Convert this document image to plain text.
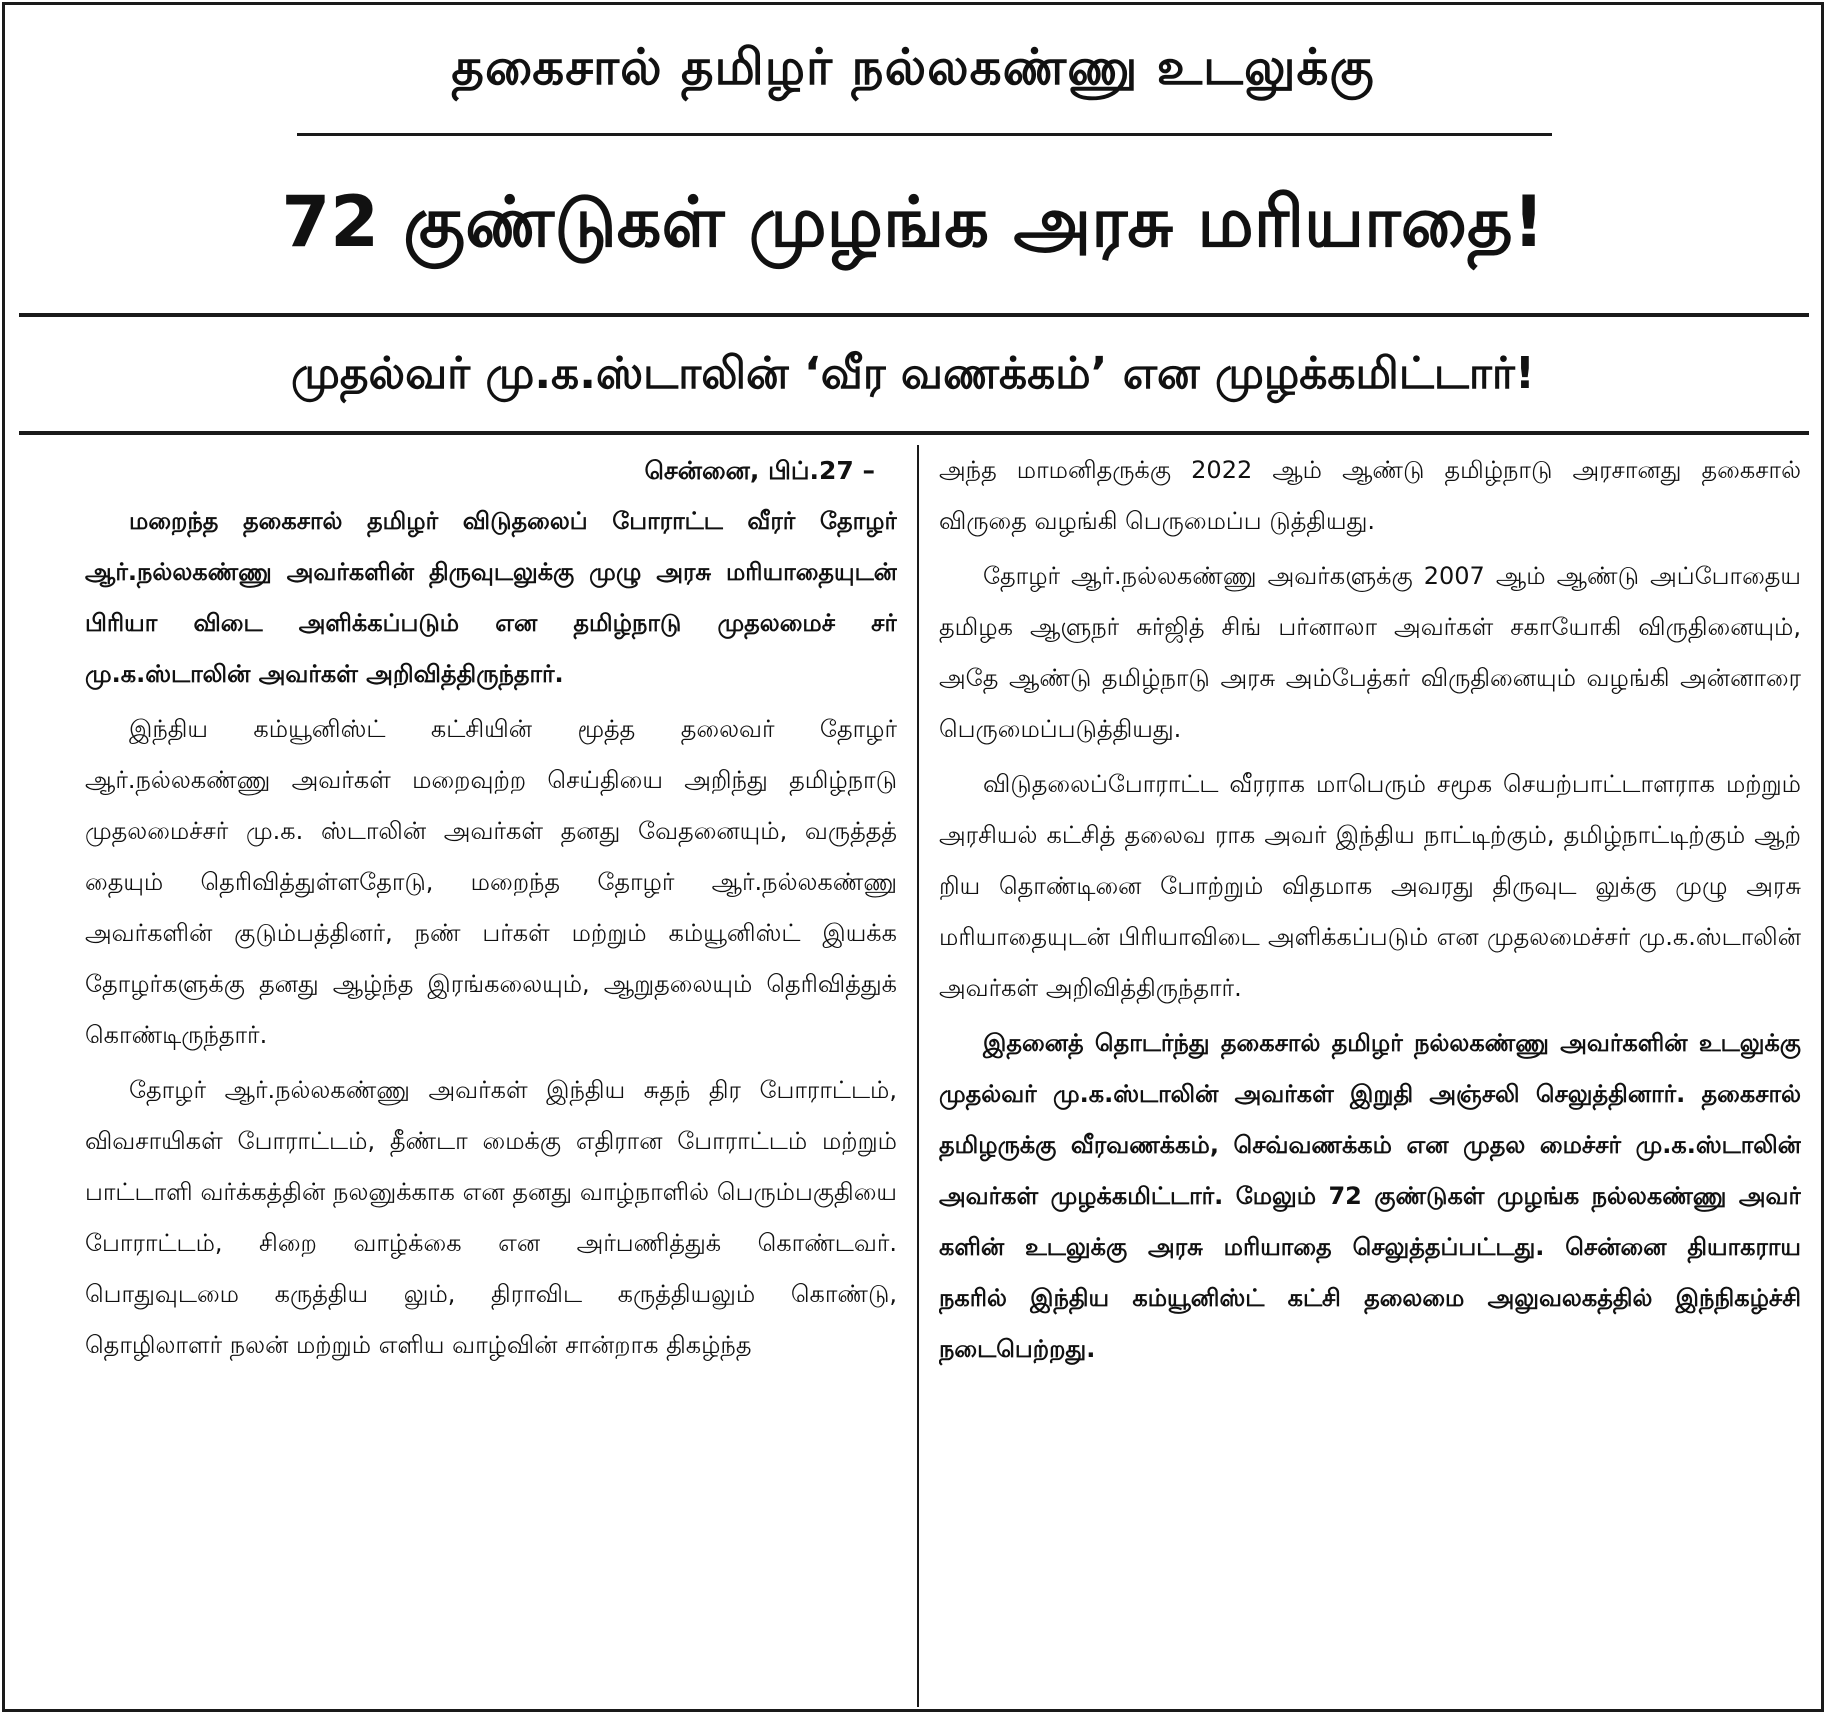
தகைசால் தமிழர் நல்லகண்ணு உடலுக்கு
72 குண்டுகள் முழங்க அரசு மரியாதை!
முதல்வர் மு.க.ஸ்டாலின் ‘வீர வணக்கம்’ என முழக்கமிட்டார்!
சென்னை, பிப்.27 –

மறைந்த தகைசால் தமிழர் விடுதலைப் போராட்ட வீரர் தோழர் ஆர்.நல்லகண்ணு அவர்களின் திருவுடலுக்கு முழு அரசு மரியாதையுடன் பிரியா விடை அளிக்கப்படும் என தமிழ்நாடு முதலமைச் சர் மு.க.ஸ்டாலின் அவர்கள் அறிவித்திருந்தார்.

இந்திய கம்யூனிஸ்ட் கட்சியின் மூத்த தலைவர் தோழர் ஆர்.நல்லகண்ணு அவர்கள் மறைவுற்ற செய்தியை அறிந்து தமிழ்நாடு முதலமைச்சர் மு.க. ஸ்டாலின் அவர்கள் தனது வேதனையும், வருத்தத் தையும் தெரிவித்துள்ளதோடு, மறைந்த தோழர் ஆர்.நல்லகண்ணு அவர்களின் குடும்பத்தினர், நண் பர்கள் மற்றும் கம்யூனிஸ்ட் இயக்க தோழர்களுக்கு தனது ஆழ்ந்த இரங்கலையும், ஆறுதலையும் தெரிவித்துக் கொண்டிருந்தார்.

தோழர் ஆர்.நல்லகண்ணு அவர்கள் இந்திய சுதந் திர போராட்டம், விவசாயிகள் போராட்டம், தீண்டா மைக்கு எதிரான போராட்டம் மற்றும் பாட்டாளி வர்க்கத்தின் நலனுக்காக என தனது வாழ்நாளில் பெரும்பகுதியை போராட்டம், சிறை வாழ்க்கை என அர்பணித்துக் கொண்டவர். பொதுவுடமை கருத்திய லும், திராவிட கருத்தியலும் கொண்டு, தொழிலாளர் நலன் மற்றும் எளிய வாழ்வின் சான்றாக திகழ்ந்த

அந்த மாமனிதருக்கு 2022 ஆம் ஆண்டு தமிழ்நாடு அரசானது தகைசால் விருதை வழங்கி பெருமைப்ப டுத்தியது.

தோழர் ஆர்.நல்லகண்ணு அவர்களுக்கு 2007 ஆம் ஆண்டு அப்போதைய தமிழக ஆளுநர் சுர்ஜித் சிங் பர்னாலா அவர்கள் சகாயோகி விருதினையும், அதே ஆண்டு தமிழ்நாடு அரசு அம்பேத்கர் விருதினையும் வழங்கி அன்னாரை பெருமைப்படுத்தியது.

விடுதலைப்போராட்ட வீரராக மாபெரும் சமூக செயற்பாட்டாளராக மற்றும் அரசியல் கட்சித் தலைவ ராக அவர் இந்திய நாட்டிற்கும், தமிழ்நாட்டிற்கும் ஆற் றிய தொண்டினை போற்றும் விதமாக அவரது திருவுட லுக்கு முழு அரசு மரியாதையுடன் பிரியாவிடை அளிக்கப்படும் என முதலமைச்சர் மு.க.ஸ்டாலின் அவர்கள் அறிவித்திருந்தார்.

இதனைத் தொடர்ந்து தகைசால் தமிழர் நல்லகண்ணு அவர்களின் உடலுக்கு முதல்வர் மு.க.ஸ்டாலின் அவர்கள் இறுதி அஞ்சலி செலுத்தினார். தகைசால் தமிழருக்கு வீரவணக்கம், செவ்வணக்கம் என முதல மைச்சர் மு.க.ஸ்டாலின் அவர்கள் முழக்கமிட்டார். மேலும் 72 குண்டுகள் முழங்க நல்லகண்ணு அவர் களின் உடலுக்கு அரசு மரியாதை செலுத்தப்பட்டது. சென்னை தியாகராய நகரில் இந்திய கம்யூனிஸ்ட் கட்சி தலைமை அலுவலகத்தில் இந்நிகழ்ச்சி நடைபெற்றது.
